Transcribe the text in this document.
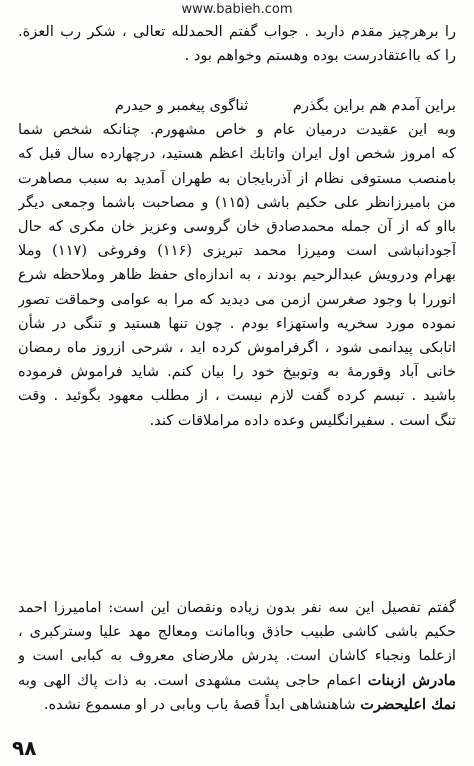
www.babieh.com
را برهرچیز مقدم داربد . جواب گفتم الحمدلله تعالی ، شکر رب العزة.
را که بااعتقادرست بوده وهستم وخواهم بود .
براین آمدم هم براین بگذرم ثناگوی پیغمبر و حیدرم
وبه این عقیدت درمیان عام و خاص مشهورم. چنانکه شخص شما
که امروز شخص اول ایران واتابك اعظم هستید، درچهارده سال قبل که
بامنصب مستوفی نظام از آذربایجان به طهران آمدید به سبب مصاهرت
من باميرزانظر علی حکیم باشی (۱۱۵) و مصاحبت باشما وجمعی دیگر
بااو که از آن جمله محمدصادق خان گروسی وعزیز خان مکری که حال
آجودانباشی است ومیرزا محمد تبریزی (۱۱۶) وفروغی (۱۱۷) وملا
بهرام ودرویش عبدالرحیم بودند ، به اندازه‌ای حفظ ظاهر وملاحظه شرع
انوررا با وجود صغرسن ازمن می دیدید که مرا به عوامی وحماقت تصور
نموده مورد سخریه واستهزاء بودم . چون تنها هستید و تنگی در شأن
اتابکی پیدانمی شود ، اگرفراموش کرده اید ، شرحی ازروز ماه رمضان
خانی آباد وقورمهٔ به وتوبیخ خود را بیان کنم. شاید فراموش فرموده
باشید . تبسم کرده گفت لازم نیست ، از مطلب معهود بگوئید . وقت
تنگ است . سفیرانگلیس وعده داده مراملاقات کند.
گفتم تفصیل این سه نفر بدون زیاده ونقصان این است: امامیرزا احمد
حکیم باشی کاشی طبیب حاذق وباامانت ومعالج مهد علیا وسترکبری ،
ازعلما ونجباء کاشان است. پدرش ملارضای معروف به کبابی است و
مادرش ازبنات اعمام حاجی پشت مشهدی است. به ذات پاك الهی وبه
نمك اعلیحضرت شاهنشاهی ابداً قصهٔ باب وبابی در او مسموع نشده.
۹۸
